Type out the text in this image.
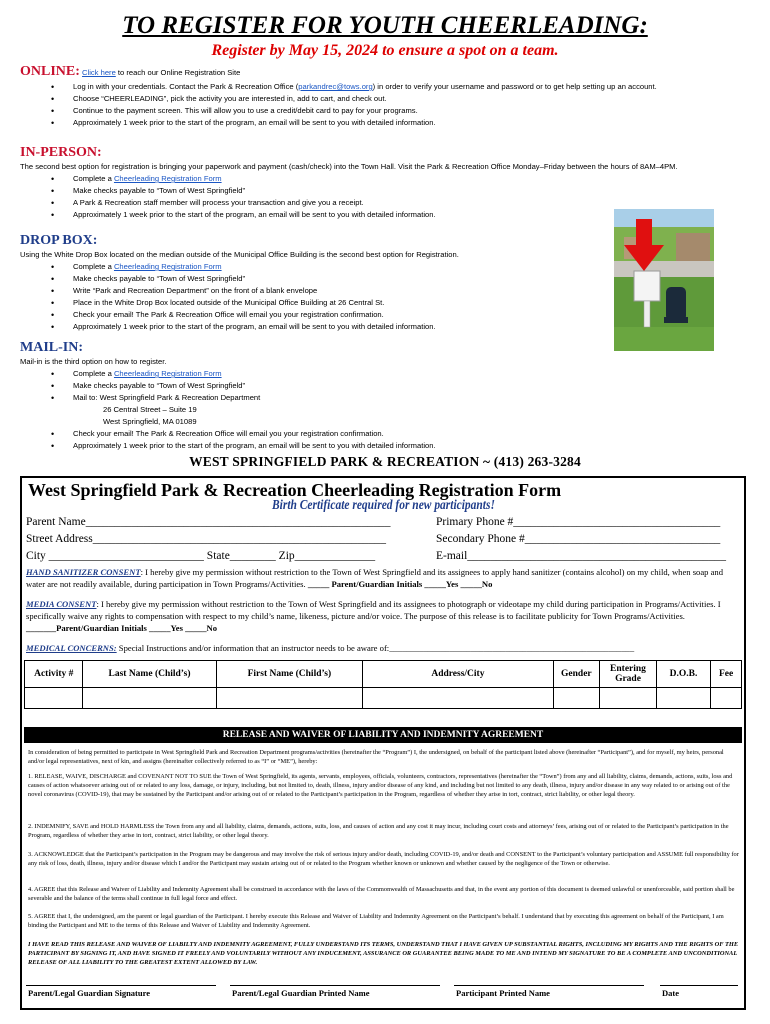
TO REGISTER FOR YOUTH CHEERLEADING:
Register by May 15, 2024 to ensure a spot on a team.
ONLINE: Click here to reach our Online Registration Site
• Log in with your credentials. Contact the Park & Recreation Office (parkandrec@tows.org) in order to verify your username and password or to get help setting up an account.
• Choose “CHEERLEADING”, pick the activity you are interested in, add to cart, and check out.
• Continue to the payment screen. This will allow you to use a credit/debit card to pay for your programs.
• Approximately 1 week prior to the start of the program, an email will be sent to you with detailed information.
IN-PERSON:
The second best option for registration is bringing your paperwork and payment (cash/check) into the Town Hall. Visit the Park & Recreation Office Monday–Friday between the hours of 8AM–4PM.
• Complete a Cheerleading Registration Form
• Make checks payable to “Town of West Springfield”
• A Park & Recreation staff member will process your transaction and give you a receipt.
• Approximately 1 week prior to the start of the program, an email will be sent to you with detailed information.
DROP BOX:
Using the White Drop Box located on the median outside of the Municipal Office Building is the second best option for Registration.
• Complete a Cheerleading Registration Form
• Make checks payable to “Town of West Springfield”
• Write “Park and Recreation Department” on the front of a blank envelope
• Place in the White Drop Box located outside of the Municipal Office Building at 26 Central St.
• Check your email! The Park & Recreation Office will email you your registration confirmation.
• Approximately 1 week prior to the start of the program, an email will be sent to you with detailed information.
MAIL-IN:
Mail-in is the third option on how to register.
• Complete a Cheerleading Registration Form
• Make checks payable to “Town of West Springfield”
• Mail to: West Springfield Park & Recreation Department
26 Central Street – Suite 19
West Springfield, MA 01089
• Check your email! The Park & Recreation Office will email you your registration confirmation.
• Approximately 1 week prior to the start of the program, an email will be sent to you with detailed information.
WEST SPRINGFIELD PARK & RECREATION ~ (413) 263-3284
West Springfield Park & Recreation Cheerleading Registration Form
Birth Certificate required for new participants!
Parent Name_____________________________________________________
Street Address___________________________________________________
City ___________________________ State________ Zip______________
Primary Phone #____________________________________
Secondary Phone #__________________________________
E-mail_____________________________________________
HAND SANITIZER CONSENT: I hereby give my permission without restriction to the Town of West Springfield and its assignees to apply hand sanitizer (contains alcohol) on my child, when soap and water are not readily available, during participation in Town Programs/Activities. _____ Parent/Guardian Initials _____Yes _____No
MEDIA CONSENT: I hereby give my permission without restriction to the Town of West Springfield and its assignees to photograph or videotape my child during participation in Programs/Activities. I specifically waive any rights to compensation with respect to my child’s name, likeness, picture and/or voice. The purpose of this release is to facilitate publicity for Town Programs/Activities. _______Parent/Guardian Initials _____Yes _____No
MEDICAL CONCERNS: Special Instructions and/or information that an instructor needs to be aware of:_________________________________________________________
Activity #	Last Name (Child’s)	First Name (Child’s)	Address/City	Gender	Entering Grade	D.O.B.	Fee

RELEASE AND WAIVER OF LIABILITY AND INDEMNITY AGREEMENT
In consideration of being permitted to participate in West Springfield Park and Recreation Department programs/activities (hereinafter the “Program”) I, the undersigned, on behalf of the participant listed above (hereinafter “Participant”), and for myself, my heirs, personal and/or legal representatives, next of kin, and assigns (hereinafter collectively referred to as “I” or “ME”), hereby:
1. RELEASE, WAIVE, DISCHARGE and COVENANT NOT TO SUE the Town of West Springfield, its agents, servants, employees, officials, volunteers, contractors, representatives (hereinafter the “Town”) from any and all liability, claims, demands, actions, suits, loss and causes of action whatsoever arising out of or related to any loss, damage, or injury, including, but not limited to, death, illness, injury and/or disease of any kind, and including but not limited to any death, illness, injury and/or disease in any way related to or arising out of the novel coronavirus (COVID-19), that may be sustained by the Participant and/or arising out of or related to the Participant’s participation in the Program, regardless of whether they arise in tort, contract, strict liability, or other legal theory.
2. INDEMNIFY, SAVE and HOLD HARMLESS the Town from any and all liability, claims, demands, actions, suits, loss, and causes of action and any cost it may incur, including court costs and attorneys’ fees, arising out of or related to the Participant’s participation in the Program, regardless of whether they arise in tort, contract, strict liability, or other legal theory.
3. ACKNOWLEDGE that the Participant’s participation in the Program may be dangerous and may involve the risk of serious injury and/or death, including COVID-19, and/or death and CONSENT to the Participant’s voluntary participation and ASSUME full responsibility for any risk of loss, death, illness, injury and/or disease which I and/or the Participant may sustain arising out of or related to the Program whether known or unknown and whether caused by the negligence of the Town or otherwise.
4. AGREE that this Release and Waiver of Liability and Indemnity Agreement shall be construed in accordance with the laws of the Commonwealth of Massachusetts and that, in the event any portion of this document is deemed unlawful or unenforceable, said portion shall be severable and the balance of the terms shall continue in full legal force and effect.
5. AGREE that I, the undersigned, am the parent or legal guardian of the Participant. I hereby execute this Release and Waiver of Liability and Indemnity Agreement on the Participant’s behalf. I understand that by executing this agreement on behalf of the Participant, I am binding the Participant and ME to the terms of this Release and Waiver of Liability and Indemnity Agreement.
I HAVE READ THIS RELEASE AND WAIVER OF LIABILTY AND INDEMNITY AGREEMENT, FULLY UNDERSTAND ITS TERMS, UNDERSTAND THAT I HAVE GIVEN UP SUBSTANTIAL RIGHTS, INCLUDING MY RIGHTS AND THE RIGHTS OF THE PARTICIPANT BY SIGNING IT, AND HAVE SIGNED IT FREELY AND VOLUNTARILY WITHOUT ANY INDUCEMENT, ASSURANCE OR GUARANTEE BEING MADE TO ME AND INTEND MY SIGNATURE TO BE A COMPLETE AND UNCONDITIONAL RELEASE OF ALL LIABILITY TO THE GREATEST EXTENT ALLOWED BY LAW.
Parent/Legal Guardian Signature	Parent/Legal Guardian Printed Name	Participant Printed Name	Date
